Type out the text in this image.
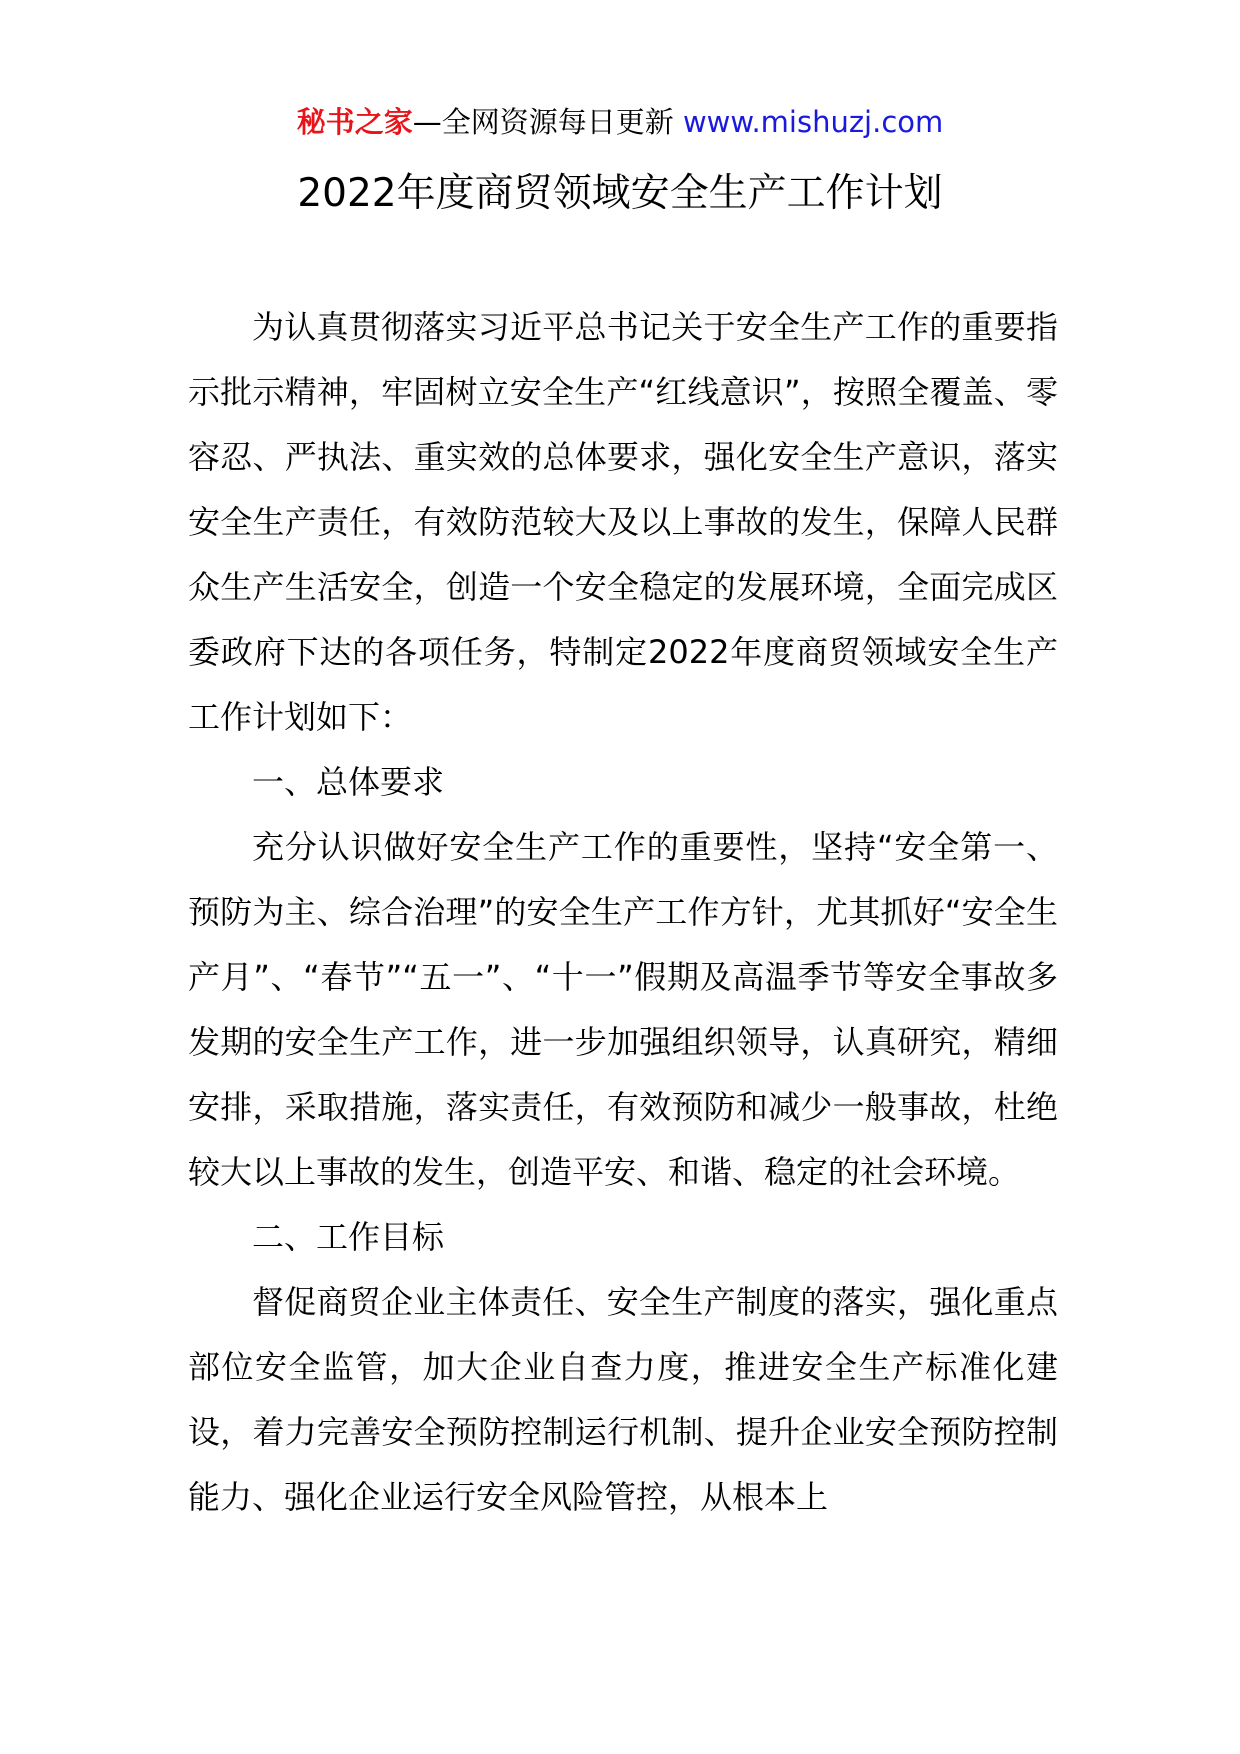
秘书之家—全网资源每日更新 www.mishuzj.com
2022年度商贸领域安全生产工作计划

为认真贯彻落实习近平总书记关于安全生产工作的重要指示批示精神，牢固树立安全生产“红线意识”，按照全覆盖、零容忍、严执法、重实效的总体要求，强化安全生产意识，落实安全生产责任，有效防范较大及以上事故的发生，保障人民群众生产生活安全，创造一个安全稳定的发展环境，全面完成区委政府下达的各项任务，特制定2022年度商贸领域安全生产工作计划如下：

一、总体要求

充分认识做好安全生产工作的重要性，坚持“安全第一、预防为主、综合治理”的安全生产工作方针，尤其抓好“安全生产月”、“春节”“五一”、“十一”假期及高温季节等安全事故多发期的安全生产工作，进一步加强组织领导，认真研究，精细安排，采取措施，落实责任，有效预防和减少一般事故，杜绝较大以上事故的发生，创造平安、和谐、稳定的社会环境。

二、工作目标

督促商贸企业主体责任、安全生产制度的落实，强化重点部位安全监管，加大企业自查力度，推进安全生产标准化建设，着力完善安全预防控制运行机制、提升企业安全预防控制能力、强化企业运行安全风险管控，从根本上
